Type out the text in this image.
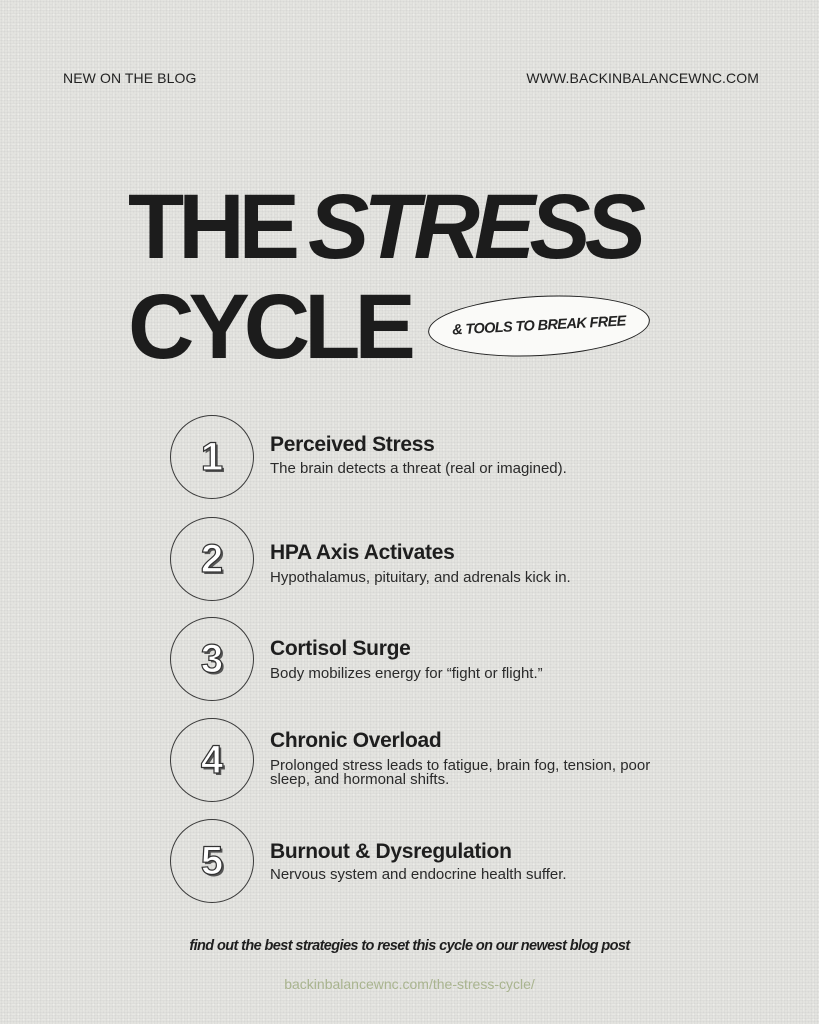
NEW ON THE BLOG	WWW.BACKINBALANCEWNC.COM
THE STRESS
CYCLE	& TOOLS TO BREAK FREE
1 Perceived Stress
The brain detects a threat (real or imagined).
2 HPA Axis Activates
Hypothalamus, pituitary, and adrenals kick in.
3 Cortisol Surge
Body mobilizes energy for “fight or flight.”
4 Chronic Overload
Prolonged stress leads to fatigue, brain fog, tension, poor sleep, and hormonal shifts.
5 Burnout & Dysregulation
Nervous system and endocrine health suffer.
find out the best strategies to reset this cycle on our newest blog post
backinbalancewnc.com/the-stress-cycle/
